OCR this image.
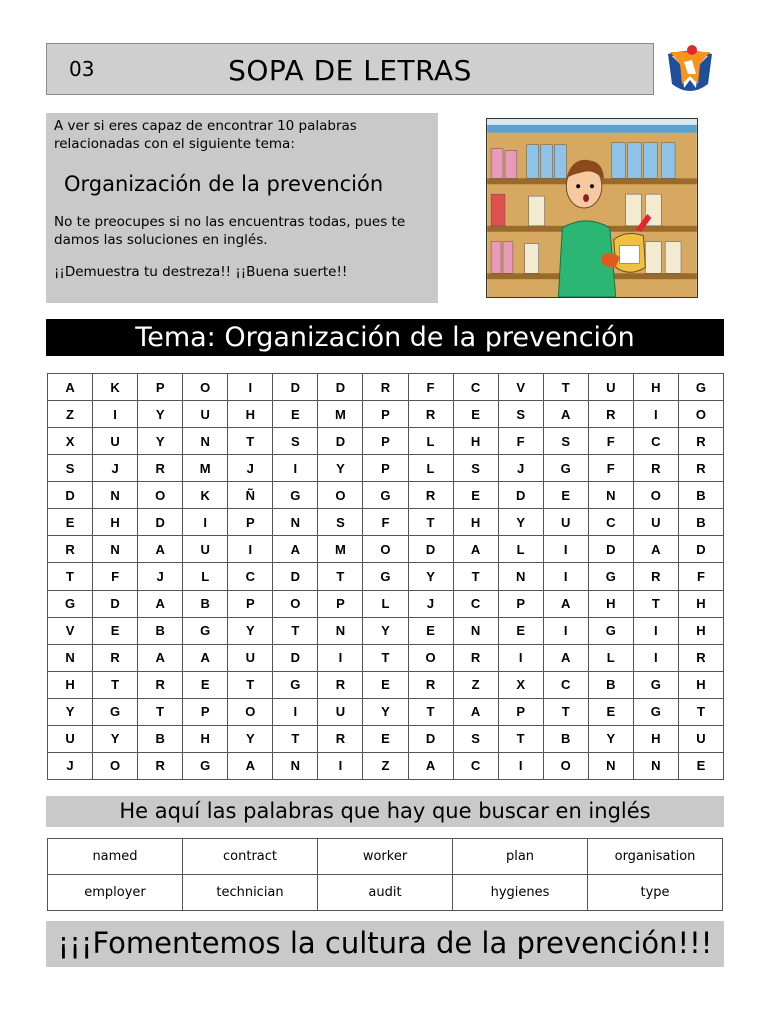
03	SOPA DE LETRAS

A ver si eres capaz de encontrar 10 palabras relacionadas con el siguiente tema:

Organización de la prevención

No te preocupes si no las encuentras todas, pues te damos las soluciones en inglés.

¡¡Demuestra tu destreza!! ¡¡Buena suerte!!

Tema: Organización de la prevención
A	K	P	O	I	D	D	R	F	C	V	T	U	H	G
Z	I	Y	U	H	E	M	P	R	E	S	A	R	I	O
X	U	Y	N	T	S	D	P	L	H	F	S	F	C	R
S	J	R	M	J	I	Y	P	L	S	J	G	F	R	R
D	N	O	K	Ñ	G	O	G	R	E	D	E	N	O	B
E	H	D	I	P	N	S	F	T	H	Y	U	C	U	B
R	N	A	U	I	A	M	O	D	A	L	I	D	A	D
T	F	J	L	C	D	T	G	Y	T	N	I	G	R	F
G	D	A	B	P	O	P	L	J	C	P	A	H	T	H
V	E	B	G	Y	T	N	Y	E	N	E	I	G	I	H
N	R	A	A	U	D	I	T	O	R	I	A	L	I	R
H	T	R	E	T	G	R	E	R	Z	X	C	B	G	H
Y	G	T	P	O	I	U	Y	T	A	P	T	E	G	T
U	Y	B	H	Y	T	R	E	D	S	T	B	Y	H	U
J	O	R	G	A	N	I	Z	A	C	I	O	N	N	E
He aquí las palabras que hay que buscar en inglés
named	contract	worker	plan	organisation
employer	technician	audit	hygienes	type
¡¡¡Fomentemos la cultura de la prevención!!!
